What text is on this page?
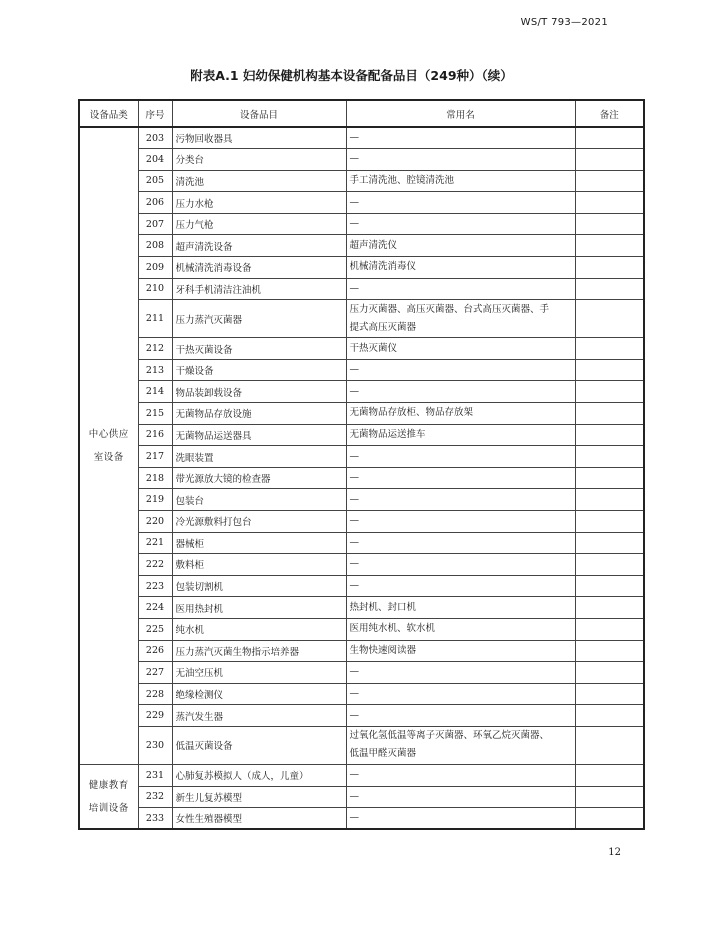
WS/T 793—2021
附表A.1 妇幼保健机构基本设备配备品目（249种）（续）
设备品类	序号	设备品目	常用名	备注

中心供应
室设备	203	污物回收器具	—	
	204	分类台	—	
	205	清洗池	手工清洗池、腔镜清洗池	
	206	压力水枪	—	
	207	压力气枪	—	
	208	超声清洗设备	超声清洗仪	
	209	机械清洗消毒设备	机械清洗消毒仪	
	210	牙科手机清洁注油机	—	
	211	压力蒸汽灭菌器	压力灭菌器、高压灭菌器、台式高压灭菌器、手
提式高压灭菌器	

	212	干热灭菌设备	干热灭菌仪	
	213	干燥设备	—	
	214	物品装卸载设备	—	
	215	无菌物品存放设施	无菌物品存放柜、物品存放架	
	216	无菌物品运送器具	无菌物品运送推车	
	217	洗眼装置	—	
	218	带光源放大镜的检查器	—	
	219	包装台	—	
	220	冷光源敷料打包台	—	
	221	器械柜	—	
	222	敷料柜	—	
	223	包装切割机	—	
	224	医用热封机	热封机、封口机	
	225	纯水机	医用纯水机、软水机	
	226	压力蒸汽灭菌生物指示培养器	生物快速阅读器	
	227	无油空压机	—	
	228	绝缘检测仪	—	
	229	蒸汽发生器	—	
	230	低温灭菌设备	过氧化氢低温等离子灭菌器、环氧乙烷灭菌器、
低温甲醛灭菌器	

健康教育
培训设备	231	心肺复苏模拟人（成人，儿童）	—	
	232	新生儿复苏模型	—	
	233	女性生殖器模型	—	
12
